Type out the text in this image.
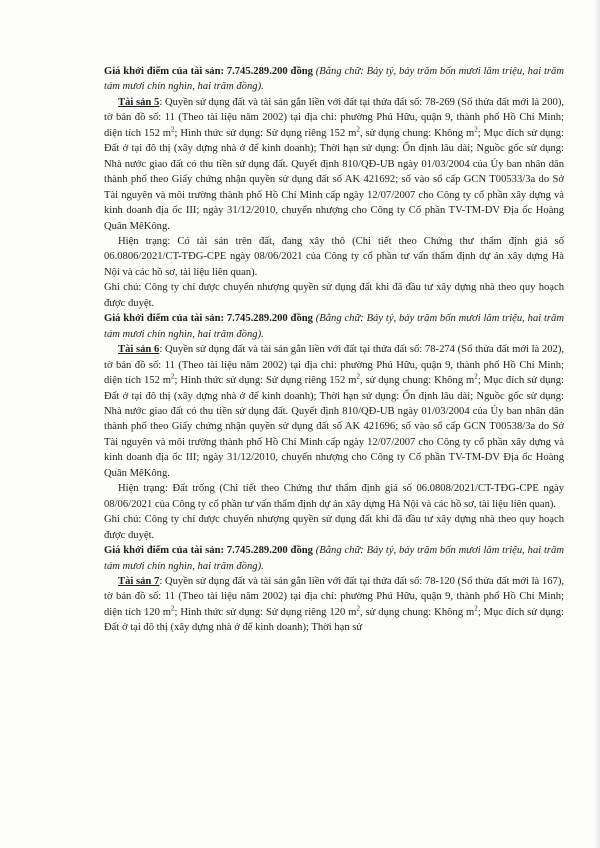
Giá khởi điểm của tài sản: 7.745.289.200 đồng (Bằng chữ: Bảy tỷ, bảy trăm bốn mươi lăm triệu, hai trăm tám mươi chín nghìn, hai trăm đồng).

Tài sản 5: Quyền sử dụng đất và tài sản gắn liền với đất tại thửa đất số: 78-269 (Số thửa đất mới là 200), tờ bản đồ số: 11 (Theo tài liệu năm 2002) tại địa chỉ: phường Phú Hữu, quận 9, thành phố Hồ Chí Minh; diện tích 152 $m^2$; Hình thức sử dụng: Sử dụng riêng 152 $m^2$, sử dụng chung: Không $m^2$; Mục đích sử dụng: Đất ở tại đô thị (xây dựng nhà ở để kinh doanh); Thời hạn sử dụng: Ổn định lâu dài; Nguồc gốc sử dụng: Nhà nước giao đất có thu tiền sử dụng đất. Quyết định 810/QĐ-UB ngày 01/03/2004 của Ủy ban nhân dân thành phố theo Giấy chứng nhận quyền sử dụng đất số AK 421692; số vào sổ cấp GCN T00533/3a do Sở Tài nguyên và môi trường thành phố Hồ Chí Minh cấp ngày 12/07/2007 cho Công ty cổ phần xây dựng và kinh doanh địa ốc III; ngày 31/12/2010, chuyển nhượng cho Công ty Cổ phần TV-TM-DV Địa ốc Hoàng Quân MêKông.

Hiện trạng: Có tài sản trên đất, đang xây thô (Chi tiết theo Chứng thư thẩm định giá số 06.0806/2021/CT-TĐG-CPE ngày 08/06/2021 của Công ty cổ phần tư vấn thẩm định dự án xây dựng Hà Nội và các hồ sơ, tài liệu liên quan).

Ghi chú: Công ty chỉ được chuyển nhượng quyền sử dụng đất khi đã đầu tư xây dựng nhà theo quy hoạch được duyệt.

Giá khởi điểm của tài sản: 7.745.289.200 đồng (Bằng chữ: Bảy tỷ, bảy trăm bốn mươi lăm triệu, hai trăm tám mươi chín nghìn, hai trăm đồng).

Tài sản 6: Quyền sử dụng đất và tài sản gắn liền với đất tại thửa đất số: 78-274 (Số thửa đất mới là 202), tờ bản đồ số: 11 (Theo tài liệu năm 2002) tại địa chỉ: phường Phú Hữu, quận 9, thành phố Hồ Chí Minh; diện tích 152 $m^2$; Hình thức sử dụng: Sử dụng riêng 152 $m^2$, sử dụng chung: Không $m^2$; Mục đích sử dụng: Đất ở tại đô thị (xây dựng nhà ở để kinh doanh); Thời hạn sử dụng: Ổn định lâu dài; Nguồc gốc sử dụng: Nhà nước giao đất có thu tiền sử dụng đất. Quyết định 810/QĐ-UB ngày 01/03/2004 của Ủy ban nhân dân thành phố theo Giấy chứng nhận quyền sử dụng đất số AK 421696; số vào sổ cấp GCN T00538/3a do Sở Tài nguyên và môi trường thành phố Hồ Chí Minh cấp ngày 12/07/2007 cho Công ty cổ phần xây dựng và kinh doanh địa ốc III; ngày 31/12/2010, chuyển nhượng cho Công ty Cổ phần TV-TM-DV Địa ốc Hoàng Quân MêKông.

Hiện trạng: Đất trống (Chi tiết theo Chứng thư thẩm định giá số 06.0808/2021/CT-TĐG-CPE ngày 08/06/2021 của Công ty cổ phần tư vấn thẩm định dự án xây dựng Hà Nội và các hồ sơ, tài liệu liên quan).

Ghi chú: Công ty chỉ được chuyển nhượng quyền sử dụng đất khi đã đầu tư xây dựng nhà theo quy hoạch được duyệt.

Giá khởi điểm của tài sản: 7.745.289.200 đồng (Bằng chữ: Bảy tỷ, bảy trăm bốn mươi lăm triệu, hai trăm tám mươi chín nghìn, hai trăm đồng).

Tài sản 7: Quyền sử dụng đất và tài sản gắn liền với đất tại thửa đất số: 78-120 (Số thửa đất mới là 167), tờ bản đồ số: 11 (Theo tài liệu năm 2002) tại địa chỉ: phường Phú Hữu, quận 9, thành phố Hồ Chí Minh; diện tích 120 $m^2$; Hình thức sử dụng: Sử dụng riêng 120 $m^2$, sử dụng chung: Không $m^2$; Mục đích sử dụng: Đất ở tại đô thị (xây dựng nhà ở để kinh doanh); Thời hạn sử
